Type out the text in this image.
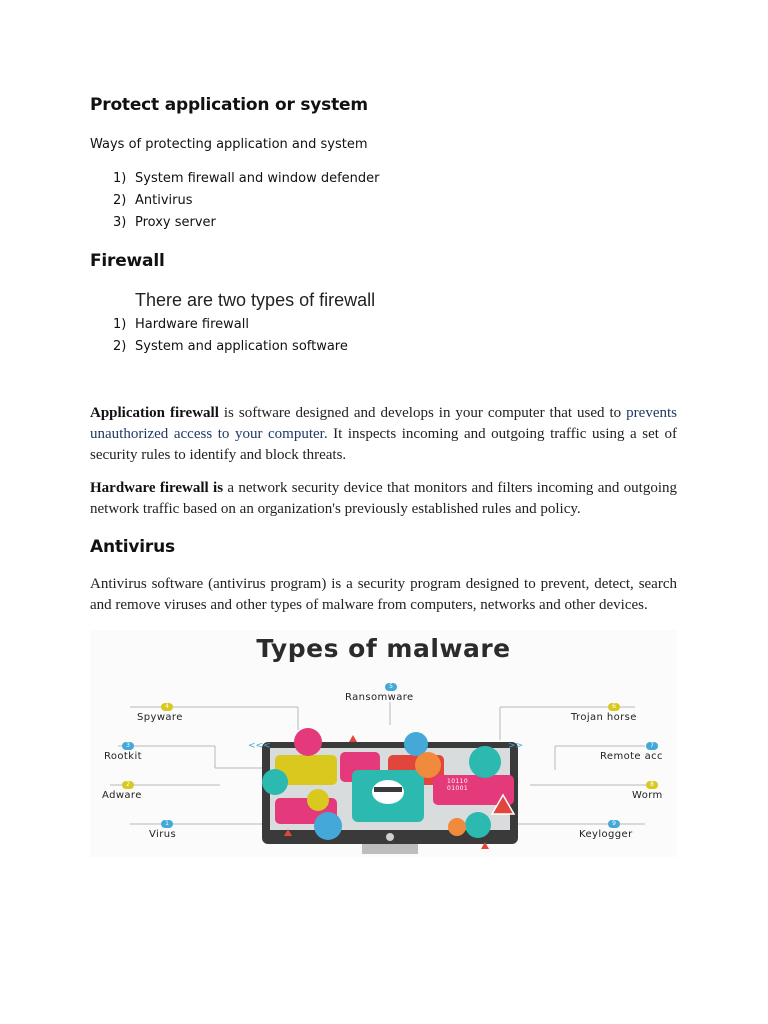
Protect application or system
Ways of protecting application and system
1) System firewall and window defender
2) Antivirus
3) Proxy server
Firewall
There are two types of firewall
1) Hardware firewall
2) System and application software
Application firewall is software designed and develops in your computer that used to prevents unauthorized access to your computer. It inspects incoming and outgoing traffic using a set of security rules to identify and block threats.
Hardware firewall is a network security device that monitors and filters incoming and outgoing network traffic based on an organization's previously established rules and policy.
Antivirus
Antivirus software (antivirus program) is a security program designed to prevent, detect, search and remove viruses and other types of malware from computers, networks and other devices.
Types of malware
<<<	>>
10110
01001
5
4
3
2
1
6
7
8
9
Ransomware
Spyware
Rootkit
Adware
Virus
Trojan horse
Remote acc
Worm
Keylogger
